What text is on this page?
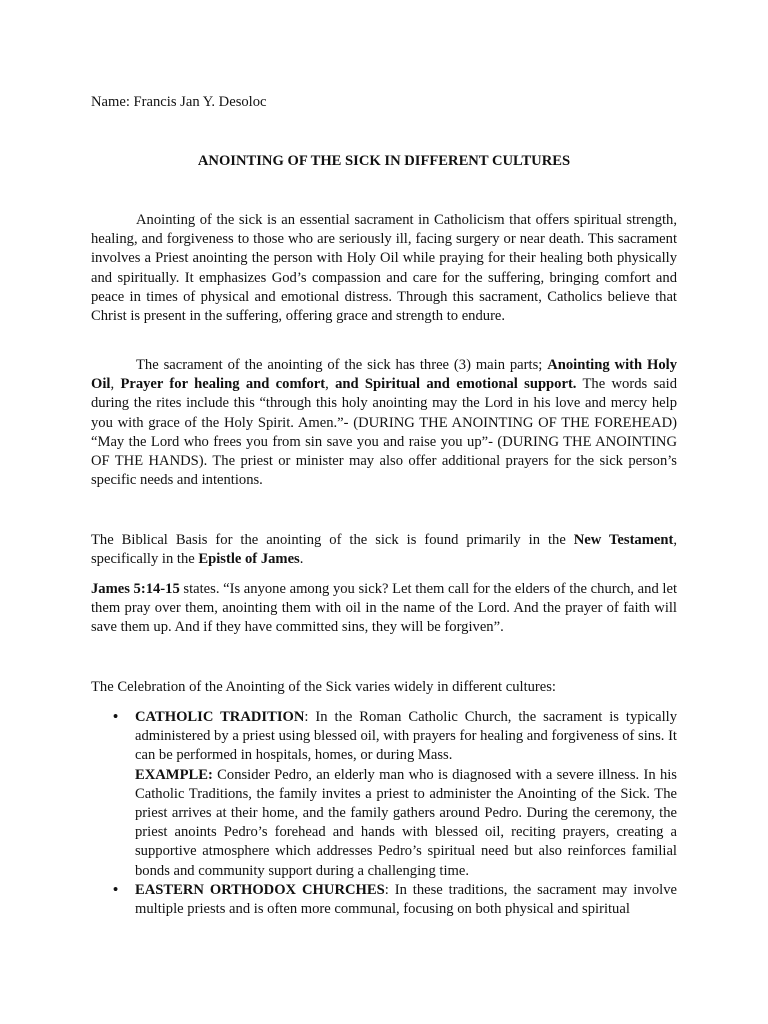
Name: Francis Jan Y. Desoloc
ANOINTING OF THE SICK IN DIFFERENT CULTURES

Anointing of the sick is an essential sacrament in Catholicism that offers spiritual strength, healing, and forgiveness to those who are seriously ill, facing surgery or near death. This sacrament involves a Priest anointing the person with Holy Oil while praying for their healing both physically and spiritually. It emphasizes God’s compassion and care for the suffering, bringing comfort and peace in times of physical and emotional distress. Through this sacrament, Catholics believe that Christ is present in the suffering, offering grace and strength to endure.

The sacrament of the anointing of the sick has three (3) main parts; Anointing with Holy Oil, Prayer for healing and comfort, and Spiritual and emotional support. The words said during the rites include this “through this holy anointing may the Lord in his love and mercy help you with grace of the Holy Spirit. Amen.”- (DURING THE ANOINTING OF THE FOREHEAD) “May the Lord who frees you from sin save you and raise you up”- (DURING THE ANOINTING OF THE HANDS). The priest or minister may also offer additional prayers for the sick person’s specific needs and intentions.

The Biblical Basis for the anointing of the sick is found primarily in the New Testament, specifically in the Epistle of James.

James 5:14-15 states. “Is anyone among you sick? Let them call for the elders of the church, and let them pray over them, anointing them with oil in the name of the Lord. And the prayer of faith will save them up. And if they have committed sins, they will be forgiven”.

The Celebration of the Anointing of the Sick varies widely in different cultures:

• CATHOLIC TRADITION: In the Roman Catholic Church, the sacrament is typically administered by a priest using blessed oil, with prayers for healing and forgiveness of sins. It can be performed in hospitals, homes, or during Mass.
EXAMPLE: Consider Pedro, an elderly man who is diagnosed with a severe illness. In his Catholic Traditions, the family invites a priest to administer the Anointing of the Sick. The priest arrives at their home, and the family gathers around Pedro. During the ceremony, the priest anoints Pedro’s forehead and hands with blessed oil, reciting prayers, creating a supportive atmosphere which addresses Pedro’s spiritual need but also reinforces familial bonds and community support during a challenging time.
• EASTERN ORTHODOX CHURCHES: In these traditions, the sacrament may involve multiple priests and is often more communal, focusing on both physical and spiritual
